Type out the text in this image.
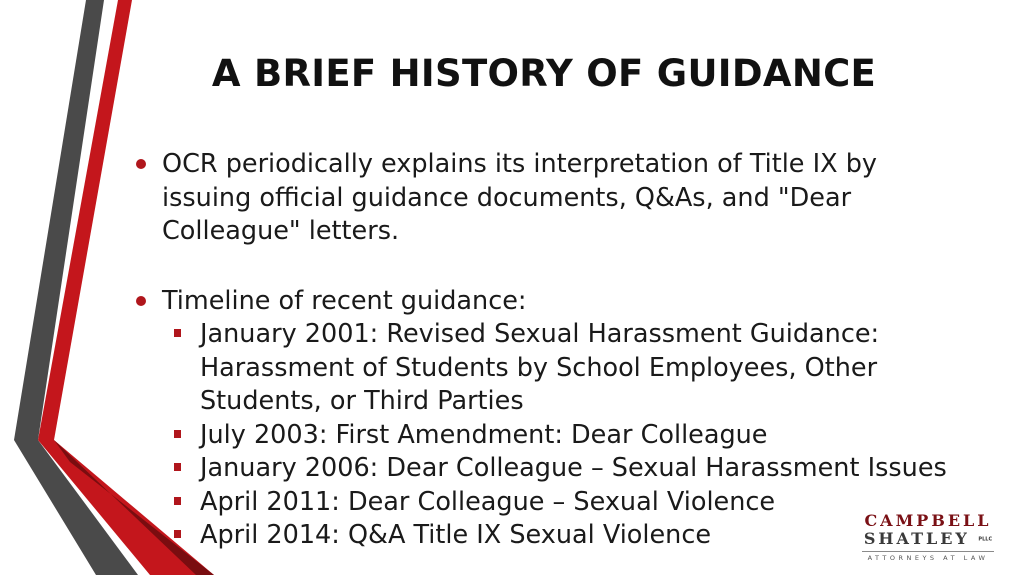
A BRIEF HISTORY OF GUIDANCE
OCR periodically explains its interpretation of Title IX by issuing official guidance documents, Q&As, and "Dear Colleague" letters.
Timeline of recent guidance:
January 2001: Revised Sexual Harassment Guidance: Harassment of Students by School Employees, Other Students, or Third Parties
July 2003: First Amendment: Dear Colleague
January 2006: Dear Colleague – Sexual Harassment Issues
April 2011: Dear Colleague – Sexual Violence
April 2014: Q&A Title IX Sexual Violence	CAMPBELL
SHATLEY PLLC
ATTORNEYS AT LAW
